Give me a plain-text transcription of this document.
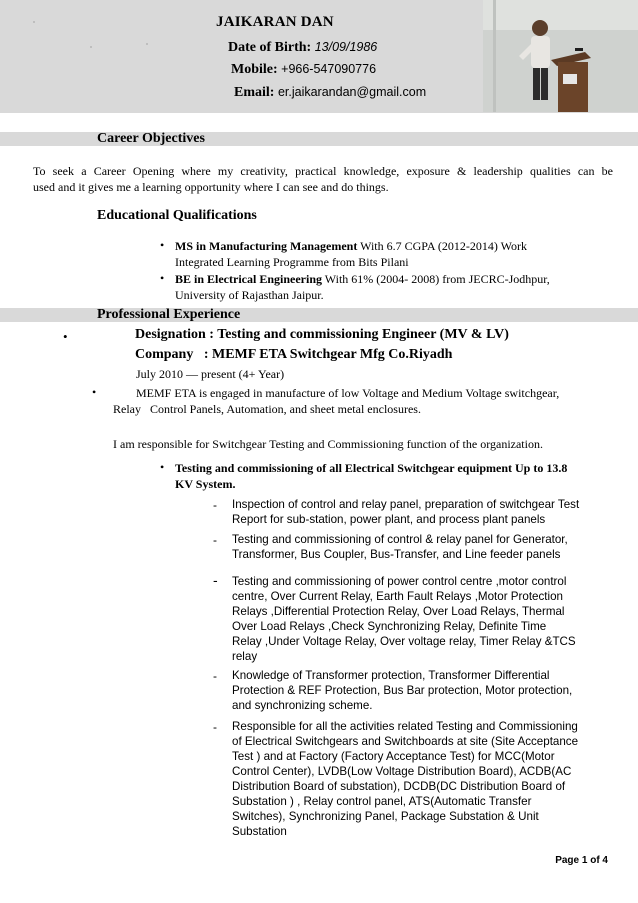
JAIKARAN DAN
Date of Birth: 13/09/1986
Mobile: +966-547090776
Email: er.jaikarandan@gmail.com
Career Objectives
To seek a Career Opening where my creativity, practical knowledge, exposure & leadership qualities can be
used and it gives me a learning opportunity where I can see and do things.
Educational Qualifications
• MS in Manufacturing Management With 6.7 CGPA (2012-2014) Work
Integrated Learning Programme from Bits Pilani
• BE in Electrical Engineering With 61% (2004- 2008) from JECRC-Jodhpur,
University of Rajasthan Jaipur.
Professional Experience
•	Designation : Testing and commissioning Engineer (MV & LV)
Company   : MEMF ETA Switchgear Mfg Co.Riyadh
July 2010 — present (4+ Year)
•	MEMF ETA is engaged in manufacture of low Voltage and Medium Voltage switchgear,
Relay   Control Panels, Automation, and sheet metal enclosures.
I am responsible for Switchgear Testing and Commissioning function of the organization.
• Testing and commissioning of all Electrical Switchgear equipment Up to 13.8
KV System.
- Inspection of control and relay panel, preparation of switchgear Test
Report for sub-station, power plant, and process plant panels
- Testing and commissioning of control & relay panel for Generator,
Transformer, Bus Coupler, Bus-Transfer, and Line feeder panels
- Testing and commissioning of power control centre ,motor control
centre, Over Current Relay, Earth Fault Relays ,Motor Protection
Relays ,Differential Protection Relay, Over Load Relays, Thermal
Over Load Relays ,Check Synchronizing Relay, Definite Time
Relay ,Under Voltage Relay, Over voltage relay, Timer Relay &TCS
relay
- Knowledge of Transformer protection, Transformer Differential
Protection & REF Protection, Bus Bar protection, Motor protection,
and synchronizing scheme.
- Responsible for all the activities related Testing and Commissioning
of Electrical Switchgears and Switchboards at site (Site Acceptance
Test ) and at Factory (Factory Acceptance Test) for MCC(Motor
Control Center), LVDB(Low Voltage Distribution Board), ACDB(AC
Distribution Board of substation), DCDB(DC Distribution Board of
Substation ) , Relay control panel, ATS(Automatic Transfer
Switches), Synchronizing Panel, Package Substation & Unit
Substation
Page 1 of 4
